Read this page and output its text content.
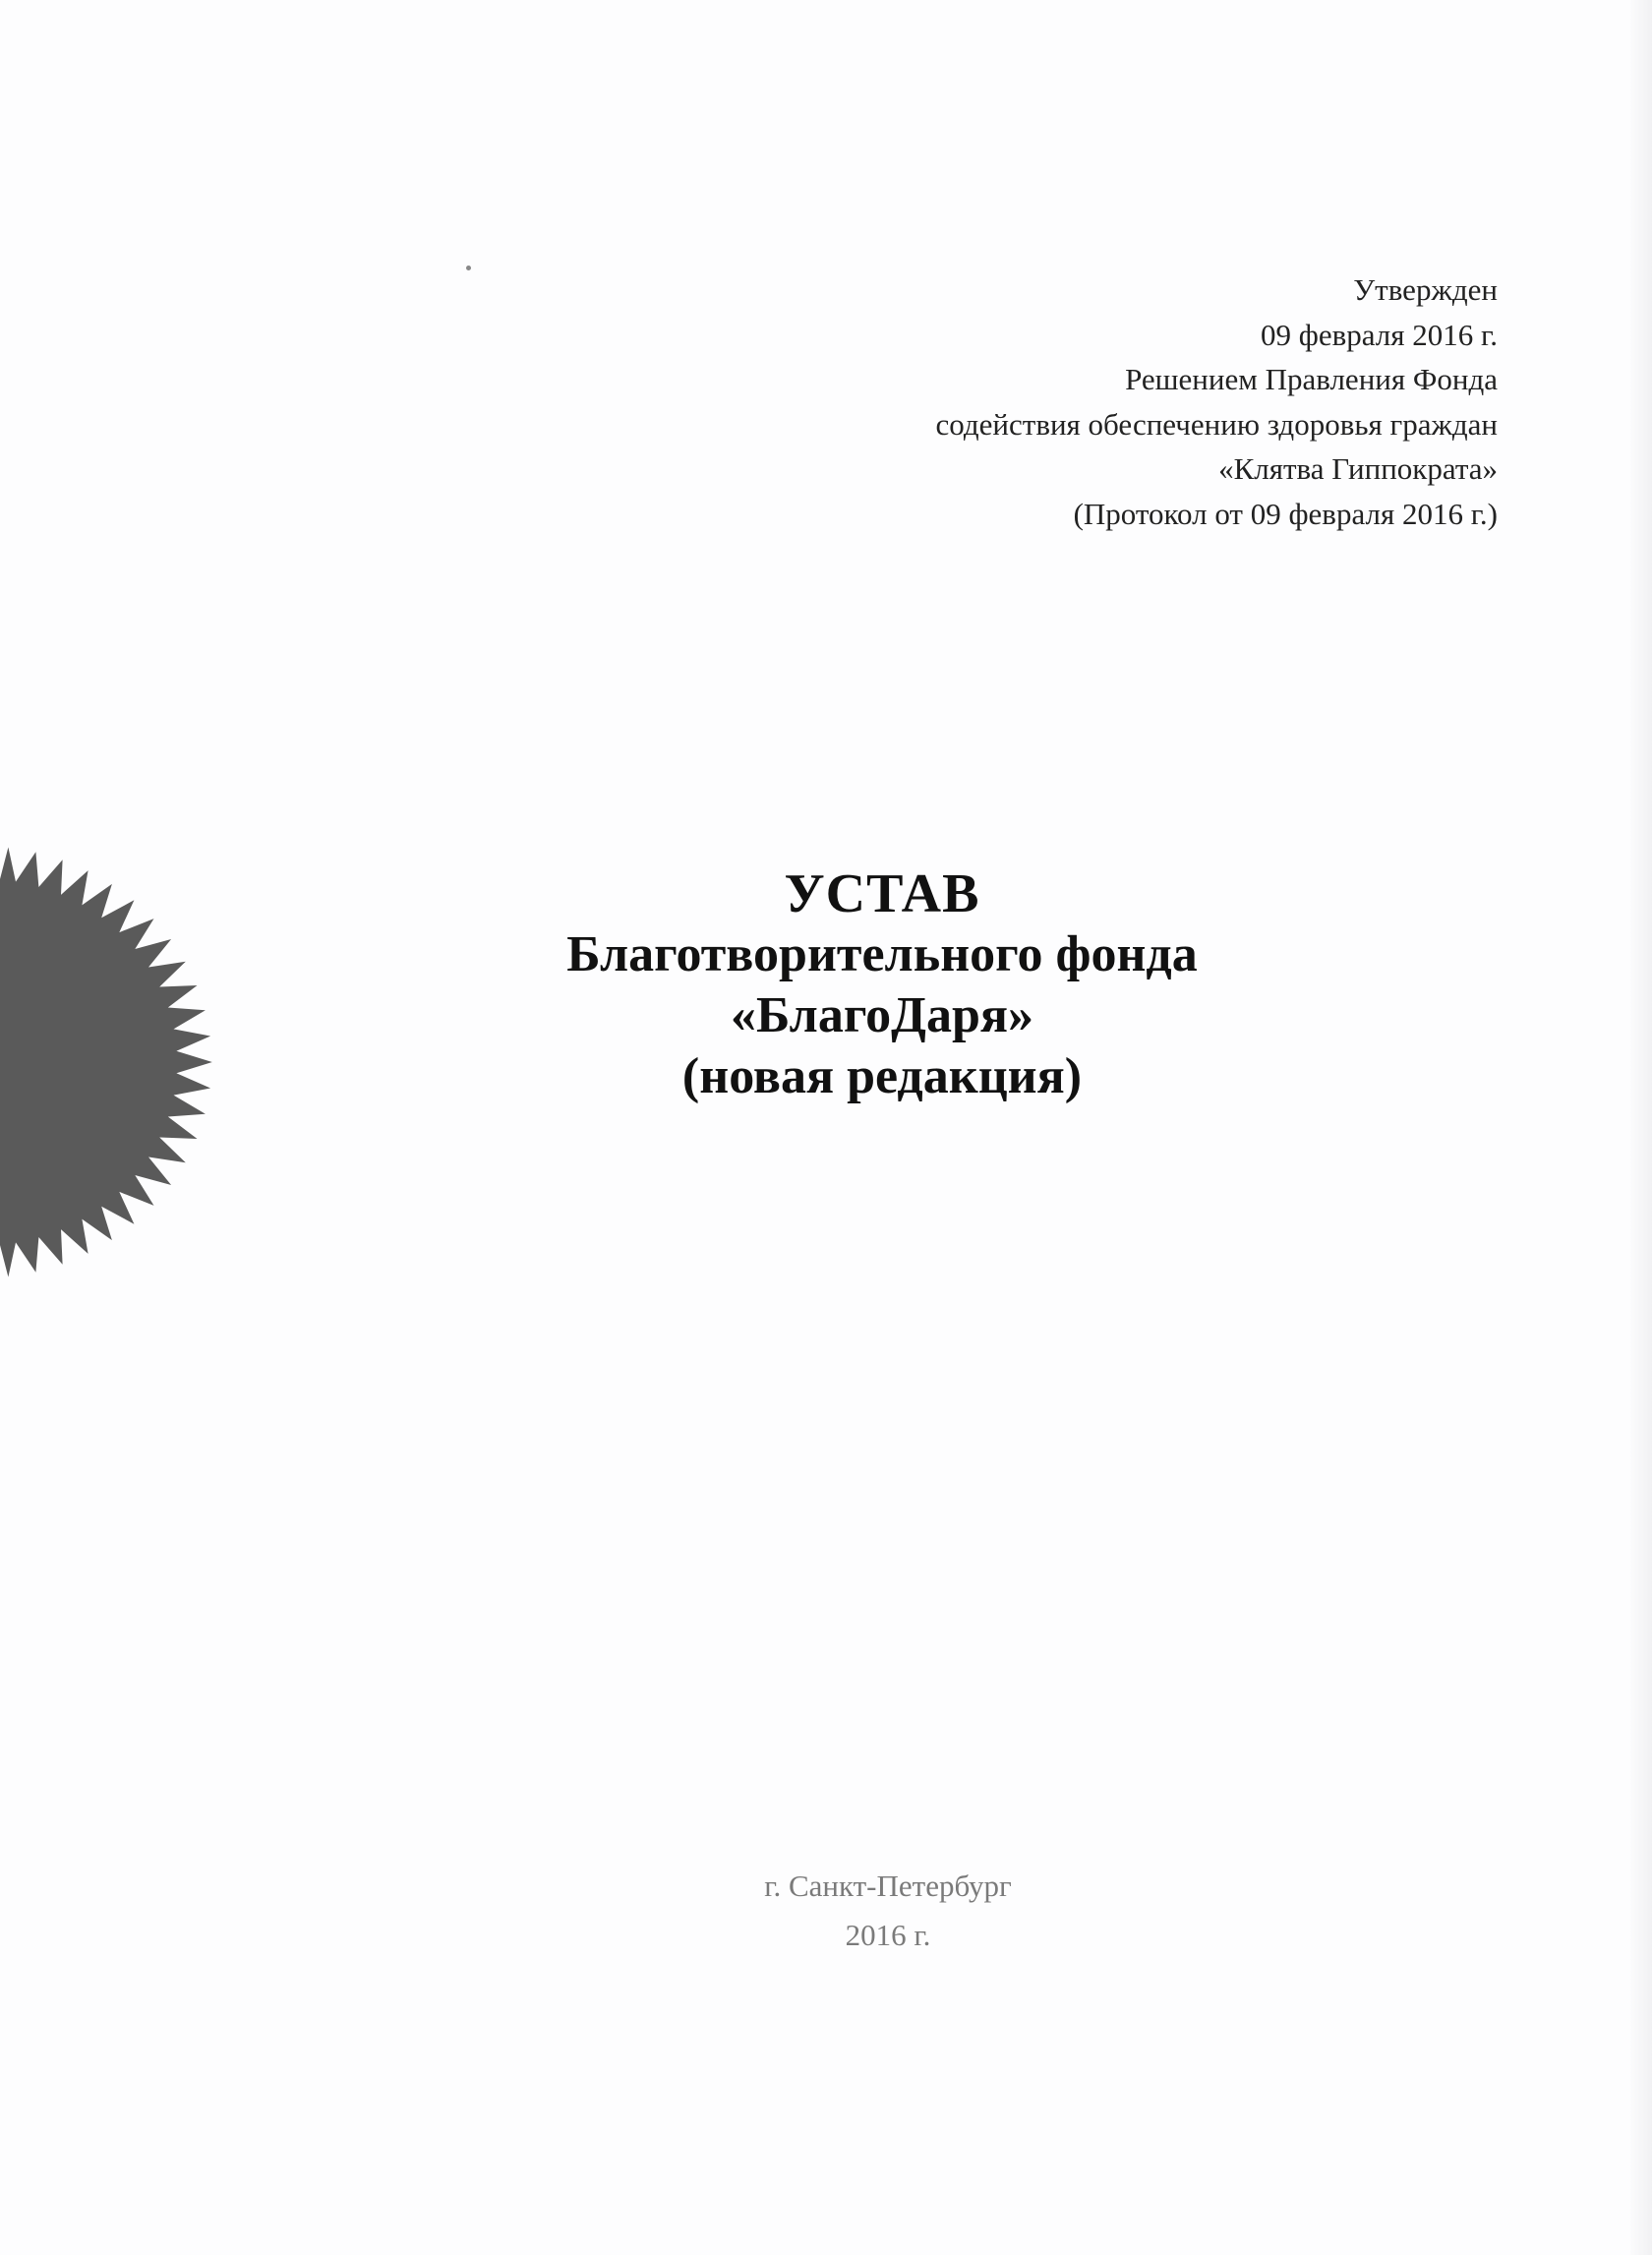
Утвержден
09 февраля 2016 г.
Решением Правления Фонда
содействия обеспечению здоровья граждан
«Клятва Гиппократа»
(Протокол от 09 февраля 2016 г.)
УСТАВ
Благотворительного фонда
«БлагоДаря»
(новая редакция)
г. Санкт-Петербург
2016 г.
